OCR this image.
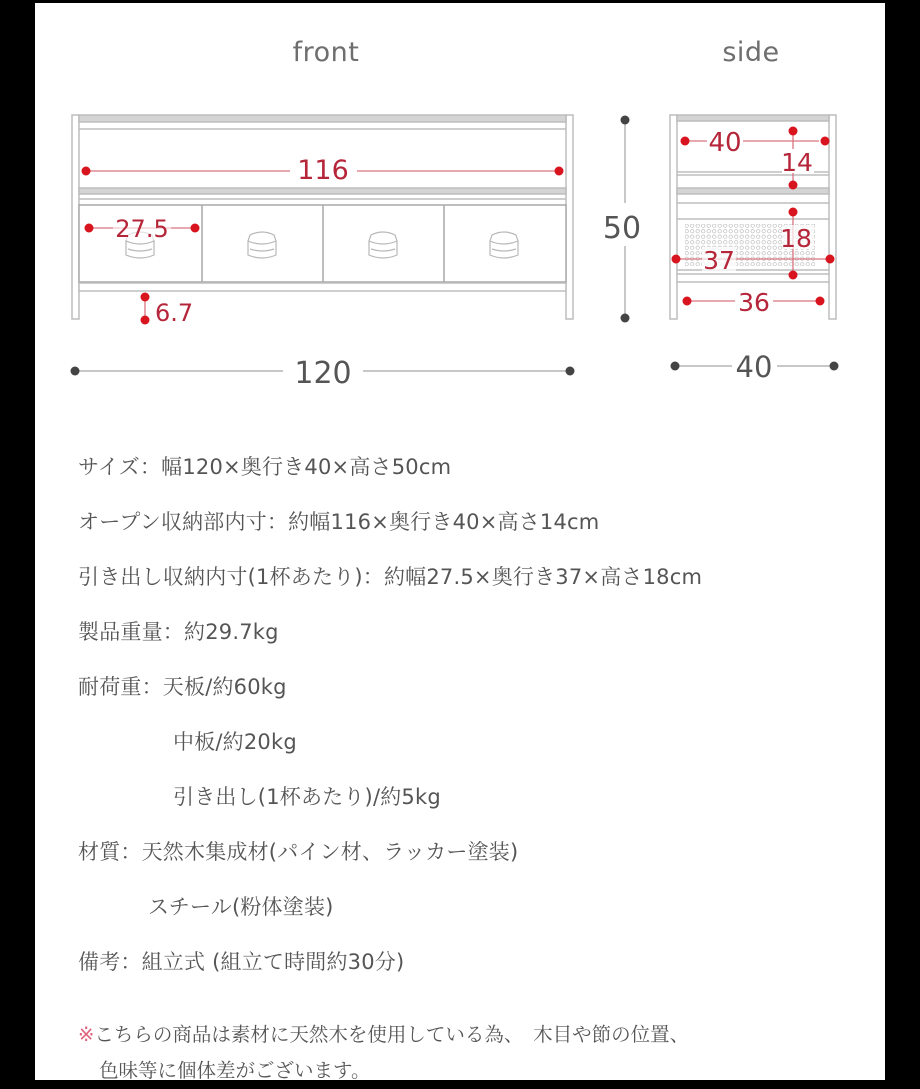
front	side
116
27.5
6.7
120
50
40
14
18
37
36
40
サイズ：幅120×奥行き40×高さ50cm
オープン収納部内寸：約幅116×奥行き40×高さ14cm
引き出し収納内寸(1杯あたり)：約幅27.5×奥行き37×高さ18cm
製品重量：約29.7kg
耐荷重：天板/約60kg
中板/約20kg
引き出し(1杯あたり)/約5kg
材質：天然木集成材(パイン材、ラッカー塗装)
スチール(粉体塗装)
備考：組立式 (組立て時間約30分)
※こちらの商品は素材に天然木を使用している為、　木目や節の位置、
色味等に個体差がございます。
